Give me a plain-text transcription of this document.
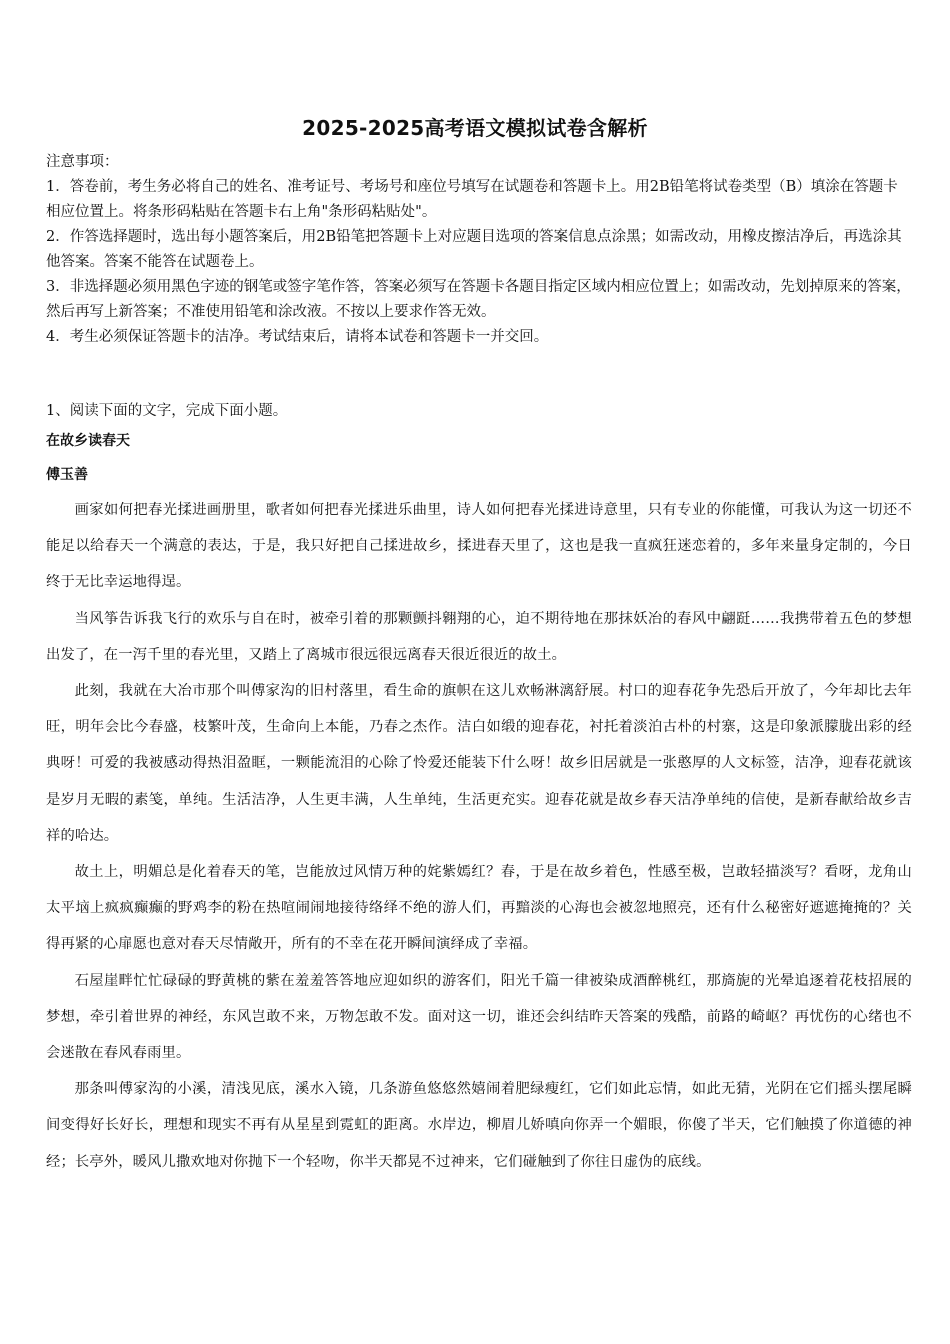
2025-2025高考语文模拟试卷含解析

注意事项：

1．答卷前，考生务必将自己的姓名、准考证号、考场号和座位号填写在试题卷和答题卡上。用2B铅笔将试卷类型（B）填涂在答题卡相应位置上。将条形码粘贴在答题卡右上角"条形码粘贴处"。

2．作答选择题时，选出每小题答案后，用2B铅笔把答题卡上对应题目选项的答案信息点涂黑；如需改动，用橡皮擦洁净后，再选涂其他答案。答案不能答在试题卷上。

3．非选择题必须用黑色字迹的钢笔或签字笔作答，答案必须写在答题卡各题目指定区域内相应位置上；如需改动，先划掉原来的答案，然后再写上新答案；不准使用铅笔和涂改液。不按以上要求作答无效。

4．考生必须保证答题卡的洁净。考试结束后，请将本试卷和答题卡一并交回。

1、阅读下面的文字，完成下面小题。

在故乡读春天

傅玉善

画家如何把春光揉进画册里，歌者如何把春光揉进乐曲里，诗人如何把春光揉进诗意里，只有专业的你能懂，可我认为这一切还不能足以给春天一个满意的表达，于是，我只好把自己揉进故乡，揉进春天里了，这也是我一直疯狂迷恋着的，多年来量身定制的，今日终于无比幸运地得逞。

当风筝告诉我飞行的欢乐与自在时，被牵引着的那颗颤抖翱翔的心，迫不期待地在那抹妖冶的春风中翩跹……我携带着五色的梦想出发了，在一泻千里的春光里，又踏上了离城市很远很远离春天很近很近的故土。

此刻，我就在大冶市那个叫傅家沟的旧村落里，看生命的旗帜在这儿欢畅淋漓舒展。村口的迎春花争先恐后开放了，今年却比去年旺，明年会比今春盛，枝繁叶茂，生命向上本能，乃春之杰作。洁白如缎的迎春花，衬托着淡泊古朴的村寨，这是印象派朦胧出彩的经典呀！可爱的我被感动得热泪盈眶，一颗能流泪的心除了怜爱还能装下什么呀！故乡旧居就是一张憨厚的人文标签，洁净，迎春花就该是岁月无暇的素笺，单纯。生活洁净，人生更丰满，人生单纯，生活更充实。迎春花就是故乡春天洁净单纯的信使，是新春献给故乡吉祥的哈达。

故土上，明媚总是化着春天的笔，岂能放过风情万种的姹紫嫣红？春，于是在故乡着色，性感至极，岂敢轻描淡写？看呀，龙角山太平垴上疯疯癫癫的野鸡李的粉在热喧闹闹地接待络绎不绝的游人们，再黯淡的心海也会被忽地照亮，还有什么秘密好遮遮掩掩的？关得再紧的心扉愿也意对春天尽情敞开，所有的不幸在花开瞬间演绎成了幸福。

石屋崖畔忙忙碌碌的野黄桃的紫在羞羞答答地应迎如织的游客们，阳光千篇一律被染成酒醉桃红，那旖旎的光晕追逐着花枝招展的梦想，牵引着世界的神经，东风岂敢不来，万物怎敢不发。面对这一切，谁还会纠结昨天答案的残酷，前路的崎岖？再忧伤的心绪也不会迷散在春风春雨里。

那条叫傅家沟的小溪，清浅见底，溪水入镜，几条游鱼悠悠然嬉闹着肥绿瘦红，它们如此忘情，如此无猜，光阴在它们摇头摆尾瞬间变得好长好长，理想和现实不再有从星星到霓虹的距离。水岸边，柳眉儿娇嗔向你弄一个媚眼，你傻了半天，它们触摸了你道德的神经；长亭外，暖风儿撒欢地对你抛下一个轻吻，你半天都晃不过神来，它们碰触到了你往日虚伪的底线。
